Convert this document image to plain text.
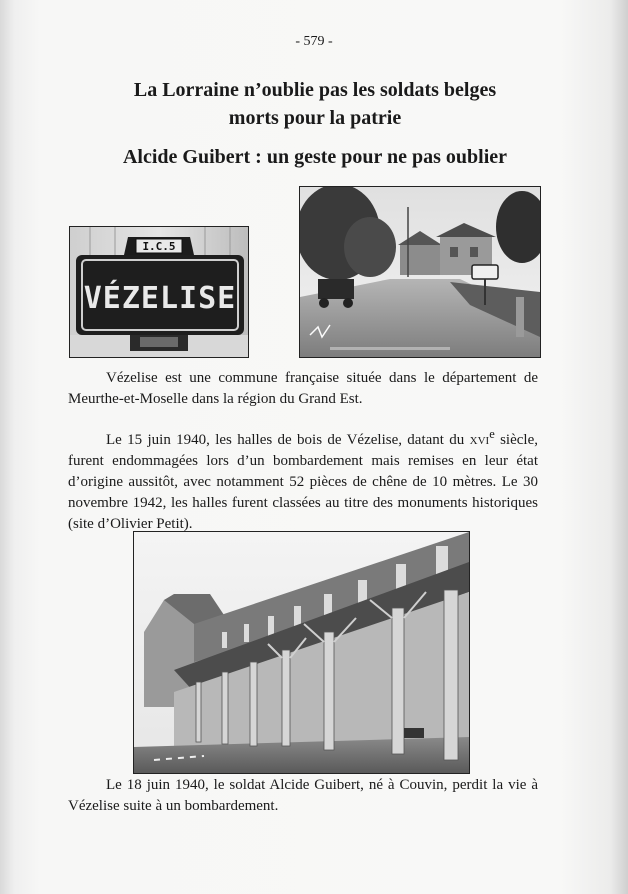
- 579 -
La Lorraine n’oublie pas les soldats belges
morts pour la patrie
Alcide Guibert : un geste pour ne pas oublier
I.C.5
VÉZELISE

Vézelise est une commune française située dans le département de Meurthe-et-Moselle dans la région du Grand Est.

Le 15 juin 1940, les halles de bois de Vézelise, datant du xvi$^e$ siècle, furent endommagées lors d’un bombardement mais remises en leur état d’origine aussitôt, avec notamment 52 pièces de chêne de 10 mètres. Le 30 novembre 1942, les halles furent classées au titre des monuments historiques (site d’Olivier Petit).

Le 18 juin 1940, le soldat Alcide Guibert, né à Couvin, perdit la vie à Vézelise suite à un bombardement.
